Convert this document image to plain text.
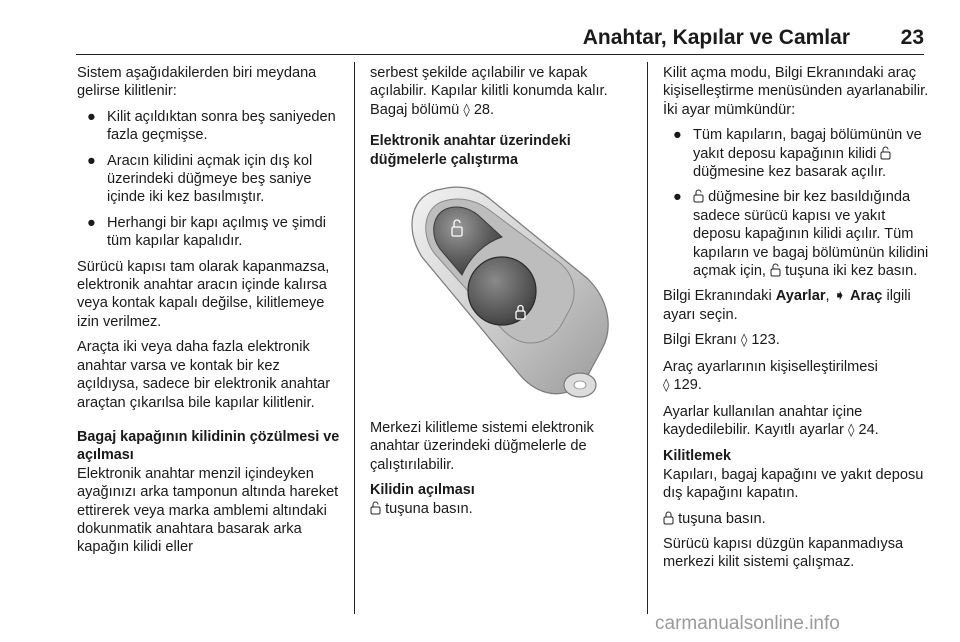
Anahtar, Kapılar ve Camlar 23

Sistem aşağıdakilerden biri meydana gelirse kilitlenir:

● Kilit açıldıktan sonra beş saniyeden fazla geçmişse.
● Aracın kilidini açmak için dış kol üzerindeki düğmeye beş saniye içinde iki kez basılmıştır.
● Herhangi bir kapı açılmış ve şimdi tüm kapılar kapalıdır.

Sürücü kapısı tam olarak kapanmazsa, elektronik anahtar aracın içinde kalırsa veya kontak kapalı değilse, kilitlemeye izin verilmez.

Araçta iki veya daha fazla elektronik anahtar varsa ve kontak bir kez açıldıysa, sadece bir elektronik anahtar araçtan çıkarılsa bile kapılar kilitlenir.

Bagaj kapağının kilidinin çözülmesi ve açılması

Elektronik anahtar menzil içindeyken ayağınızı arka tamponun altında hareket ettirerek veya marka amblemi altındaki dokunmatik anahtara basarak arka kapağın kilidi eller

serbest şekilde açılabilir ve kapak açılabilir. Kapılar kilitli konumda kalır. Bagaj bölümü ◊ 28.

Elektronik anahtar üzerindeki düğmelerle çalıştırma

Merkezi kilitleme sistemi elektronik anahtar üzerindeki düğmelerle de çalıştırılabilir.

Kilidin açılması

tuşuna basın.

Kilit açma modu, Bilgi Ekranındaki araç kişiselleştirme menüsünden ayarlanabilir. İki ayar mümkündür:

● Tüm kapıların, bagaj bölümünün ve yakıt deposu kapağının kilidi  düğmesine kez basarak açılır.
● düğmesine bir kez basıldığında sadece sürücü kapısı ve yakıt deposu kapağının kilidi açılır. Tüm kapıların ve bagaj bölümünün kilidini açmak için, tuşuna iki kez basın.

Bilgi Ekranındaki Ayarlar, ➧ Araç ilgili ayarı seçin.

Bilgi Ekranı ◊ 123.

Araç ayarlarının kişiselleştirilmesi
◊ 129.

Ayarlar kullanılan anahtar içine kaydedilebilir. Kayıtlı ayarlar ◊ 24.

Kilitlemek

Kapıları, bagaj kapağını ve yakıt deposu dış kapağını kapatın.

tuşuna basın.

Sürücü kapısı düzgün kapanmadıysa merkezi kilit sistemi çalışmaz.

carmanualsonline.info
